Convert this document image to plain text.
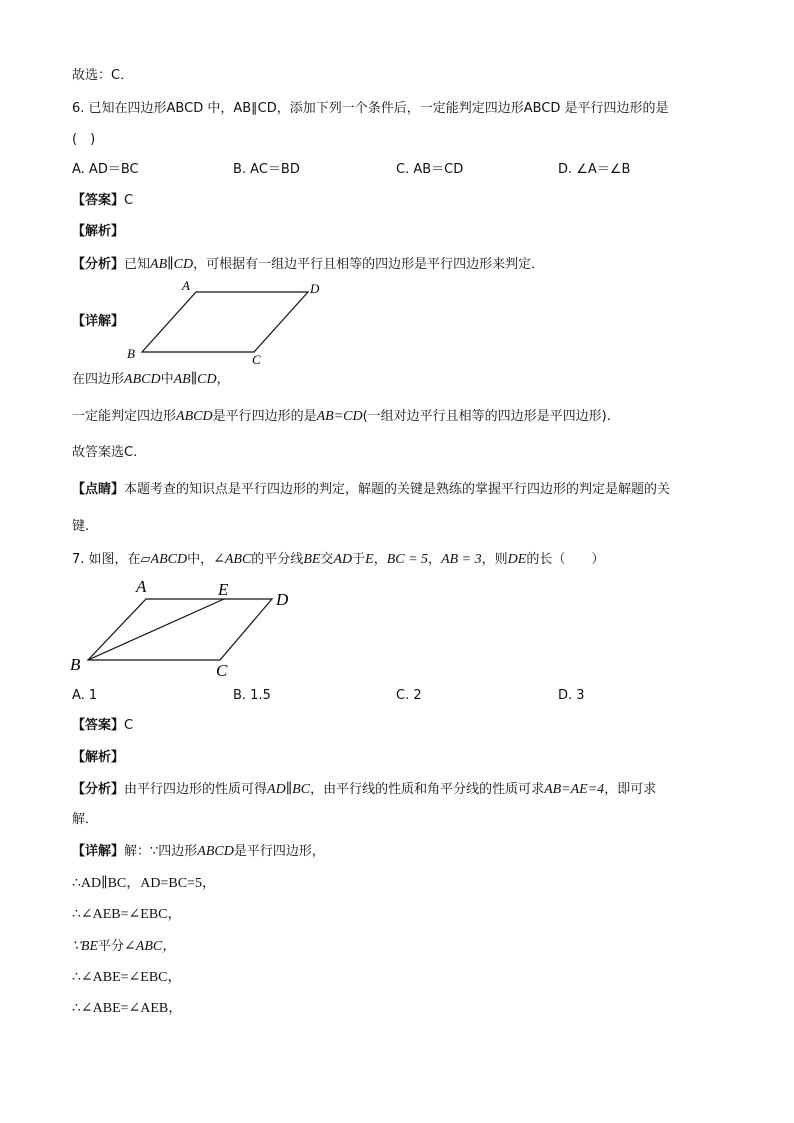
故选：C．
6. 已知在四边形ABCD 中，AB∥CD，添加下列一个条件后，一定能判定四边形ABCD 是平行四边形的是
(　)
A. AD＝BC	B. AC＝BD	C. AB＝CD	D. ∠A＝∠B
【答案】C
【解析】
【分析】已知AB∥CD，可根据有一组边平行且相等的四边形是平行四边形来判定．
A	D
B	C
【详解】
在四边形ABCD中AB∥CD，
一定能判定四边形ABCD是平行四边形的是AB=CD(一组对边平行且相等的四边形是平四边形).
故答案选C.
【点睛】本题考查的知识点是平行四边形的判定，解题的关键是熟练的掌握平行四边形的判定是解题的关
键.
7. 如图，在▱ABCD中，∠ABC的平分线BE交AD于E，BC = 5，AB = 3，则DE的长（　　）
A	E
D
B	C
A. 1	B. 1.5	C. 2	D. 3
【答案】C
【解析】
【分析】由平行四边形的性质可得AD∥BC，由平行线的性质和角平分线的性质可求AB=AE=4，即可求
解．
【详解】解：∵四边形ABCD是平行四边形，
∴AD∥BC，AD=BC=5，
∴∠AEB=∠EBC，
∵BE平分∠ABC，
∴∠ABE=∠EBC，
∴∠ABE=∠AEB，
